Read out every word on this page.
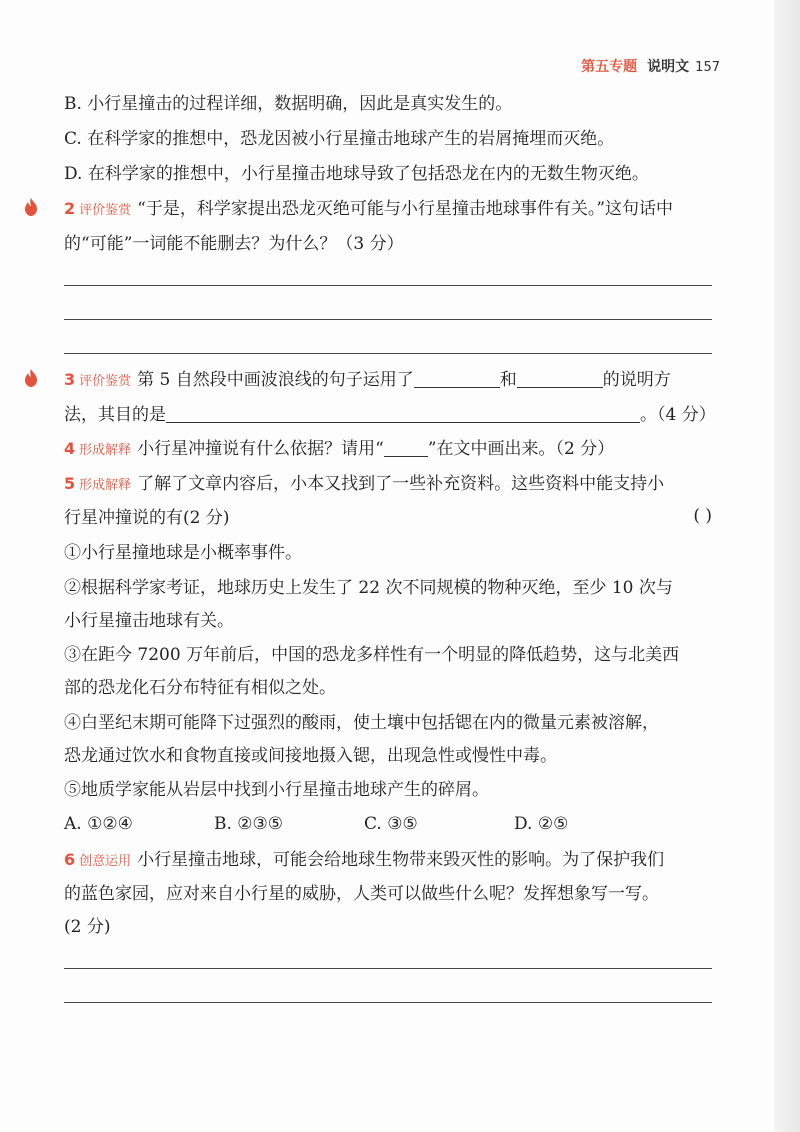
第五专题 说明文 157
B. 小行星撞击的过程详细，数据明确，因此是真实发生的。
C. 在科学家的推想中，恐龙因被小行星撞击地球产生的岩屑掩埋而灭绝。
D. 在科学家的推想中，小行星撞击地球导致了包括恐龙在内的无数生物灭绝。
2 评价鉴赏 “于是，科学家提出恐龙灭绝可能与小行星撞击地球事件有关。”这句话中
的“可能”一词能不能删去？为什么？（3 分）
3 评价鉴赏 第 5 自然段中画波浪线的句子运用了	和	的说明方
法，其目的是	。（4 分）
4 形成解释 小行星冲撞说有什么依据？请用“	”在文中画出来。（2 分）
5 形成解释 了解了文章内容后，小本又找到了一些补充资料。这些资料中能支持小
行星冲撞说的有(2 分)	( )
①小行星撞地球是小概率事件。
②根据科学家考证，地球历史上发生了 22 次不同规模的物种灭绝，至少 10 次与
小行星撞击地球有关。
③在距今 7200 万年前后，中国的恐龙多样性有一个明显的降低趋势，这与北美西
部的恐龙化石分布特征有相似之处。
④白垩纪末期可能降下过强烈的酸雨，使土壤中包括锶在内的微量元素被溶解，
恐龙通过饮水和食物直接或间接地摄入锶，出现急性或慢性中毒。
⑤地质学家能从岩层中找到小行星撞击地球产生的碎屑。
A. ①②④	B. ②③⑤	C. ③⑤	D. ②⑤
6 创意运用 小行星撞击地球，可能会给地球生物带来毁灭性的影响。为了保护我们
的蓝色家园，应对来自小行星的威胁，人类可以做些什么呢？发挥想象写一写。
(2 分)
